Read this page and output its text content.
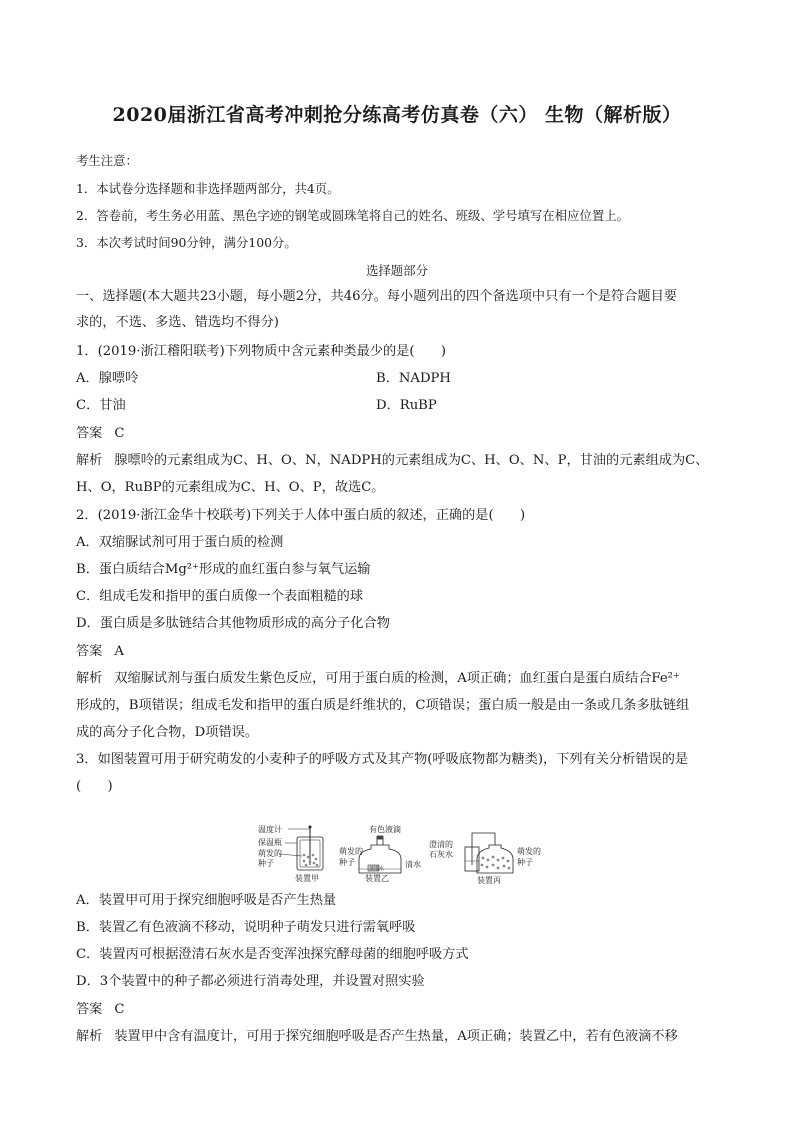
2020届浙江省高考冲刺抢分练高考仿真卷（六） 生物（解析版）
考生注意：
1．本试卷分选择题和非选择题两部分，共4页。
2．答卷前，考生务必用蓝、黑色字迹的钢笔或圆珠笔将自己的姓名、班级、学号填写在相应位置上。
3．本次考试时间90分钟，满分100分。
选择题部分
一、选择题(本大题共23小题，每小题2分，共46分。每小题列出的四个备选项中只有一个是符合题目要
求的，不选、多选、错选均不得分)
1．(2019·浙江稽阳联考)下列物质中含元素种类最少的是(　　)
A．腺嘌呤	B．NADPH
C．甘油	D．RuBP
答案 C
解析 腺嘌呤的元素组成为C、H、O、N，NADPH的元素组成为C、H、O、N、P，甘油的元素组成为C、
H、O，RuBP的元素组成为C、H、O、P，故选C。
2．(2019·浙江金华十校联考)下列关于人体中蛋白质的叙述，正确的是(　　)
A．双缩脲试剂可用于蛋白质的检测
B．蛋白质结合Mg²⁺形成的血红蛋白参与氧气运输
C．组成毛发和指甲的蛋白质像一个表面粗糙的球
D．蛋白质是多肽链结合其他物质形成的高分子化合物
答案 A
解析 双缩脲试剂与蛋白质发生紫色反应，可用于蛋白质的检测，A项正确；血红蛋白是蛋白质结合Fe²⁺
形成的，B项错误；组成毛发和指甲的蛋白质是纤维状的，C项错误；蛋白质一般是由一条或几条多肽链组
成的高分子化合物，D项错误。
3．如图装置可用于研究萌发的小麦种子的呼吸方式及其产物(呼吸底物都为糖类)，下列有关分析错误的是
(　　)
温度计
保温瓶
萌发的
种子
装置甲
有色液滴
蒸馏水
萌发的
种子	清水
装置乙
澄清的
石灰水	萌发的
种子
装置丙
A．装置甲可用于探究细胞呼吸是否产生热量
B．装置乙有色液滴不移动，说明种子萌发只进行需氧呼吸
C．装置丙可根据澄清石灰水是否变浑浊探究酵母菌的细胞呼吸方式
D．3个装置中的种子都必须进行消毒处理，并设置对照实验
答案 C
解析 装置甲中含有温度计，可用于探究细胞呼吸是否产生热量，A项正确；装置乙中，若有色液滴不移
